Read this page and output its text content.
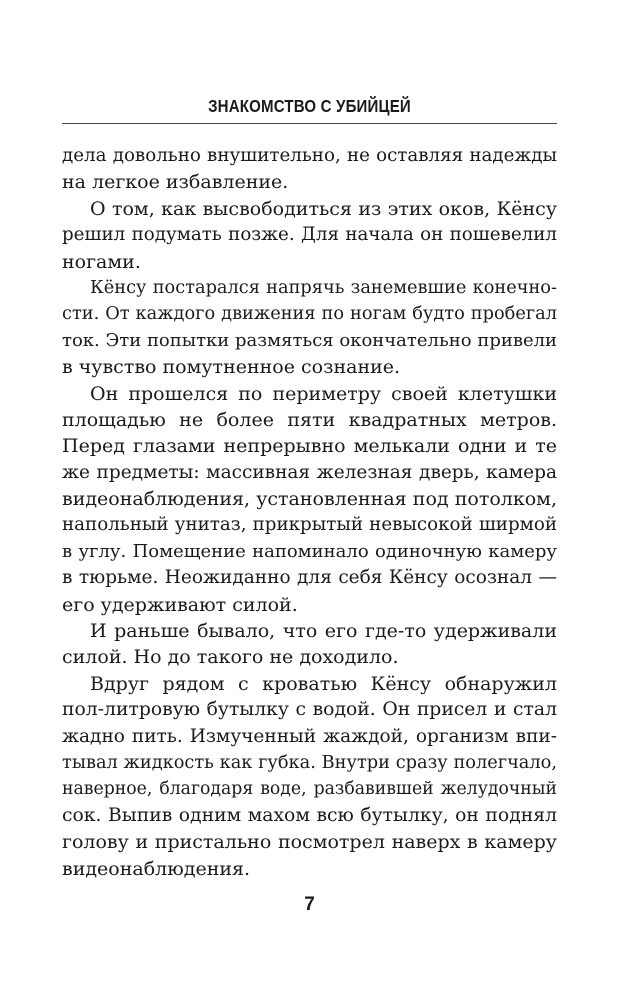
ЗНАКОМСТВО С УБИЙЦЕЙ
дела довольно внушительно, не оставляя надежды
на легкое избавление.
О том, как высвободиться из этих оков, Кёнсу
решил подумать позже. Для начала он пошевелил
ногами.
Кёнсу постарался напрячь занемевшие конечно-
сти. От каждого движения по ногам будто пробегал
ток. Эти попытки размяться окончательно привели
в чувство помутненное сознание.
Он прошелся по периметру своей клетушки
площадью не более пяти квадратных метров.
Перед глазами непрерывно мелькали одни и те
же предметы: массивная железная дверь, камера
видеонаблюдения, установленная под потолком,
напольный унитаз, прикрытый невысокой ширмой
в углу. Помещение напоминало одиночную камеру
в тюрьме. Неожиданно для себя Кёнсу осознал —
его удерживают силой.
И раньше бывало, что его где-то удерживали
силой. Но до такого не доходило.
Вдруг рядом с кроватью Кёнсу обнаружил
пол-литровую бутылку с водой. Он присел и стал
жадно пить. Измученный жаждой, организм впи-
тывал жидкость как губка. Внутри сразу полегчало,
наверное, благодаря воде, разбавившей желудочный
сок. Выпив одним махом всю бутылку, он поднял
голову и пристально посмотрел наверх в камеру
видеонаблюдения.
7
